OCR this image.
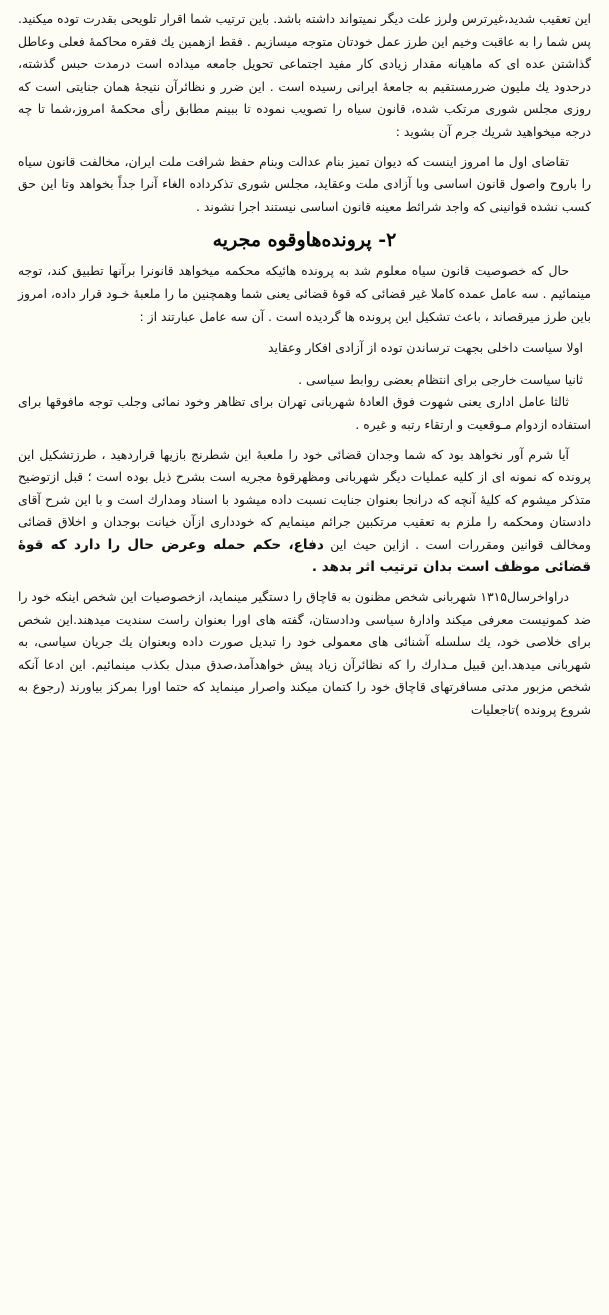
این تعقیب شدید،غیرترس ولرز علت دیگر نمیتواند داشته باشد. باین ترتیب شما اقرار تلویحی بقدرت توده میکنید. پس شما را به عاقبت وخیم این طرز عمل خودتان متوجه میسازیم . فقط ازهمین یك فقره محاکمهٔ فعلی وعاطل گذاشتن عده ای که ماهیانه مقدار زیادی کار مفید اجتماعی تحویل جامعه میداده است درمدت حبس گذشته، درحدود یك ملیون ضررمستقیم به جامعهٔ ایرانی رسیده است . این ضرر و نظائرآن نتیجهٔ همان جنایتی است که روزی مجلس شوری مرتکب شده، قانون سیاه را تصویب نموده تا ببینم مطابق رأی محکمهٔ امروز،شما تا چه درجه میخواهید شریك جرم آن بشوید :

تقاضای اول ما امروز اینست که دیوان تمیز بنام عدالت وبنام حفظ شرافت ملت ایران، مخالفت قانون سیاه را باروح واصول قانون اساسی وبا آزادی ملت وعقاید، مجلس شوری تذکرداده الغاء آنرا جداً بخواهد وتا این حق کسب نشده قوانینی که واجد شرائط معینه قانون اساسی نیستند اجرا نشوند .

۲- پرونده‌هاوقوه مجریه

حال که خصوصیت قانون سیاه معلوم شد به پرونده هائیکه محکمه میخواهد قانونرا برآنها تطبیق کند، توجه مینمائیم . سه عامل عمده کاملا غیر قضائی که قوهٔ قضائی یعنی شما وهمچنین ما را ملعبهٔ خـود قرار داده، امروز باین طرز میرقصاند ، باعث تشکیل این پرونده ها گردیده است . آن سه عامل عبارتند از :

اولا سیاست داخلی بجهت ترساندن توده از آزادی افکار وعقاید

ثانیا سیاست خارجی برای انتظام بعضی روابط سیاسی .

ثالثا عامل اداری یعنی شهوت فوق العادهٔ شهربانی تهران برای تظاهر وخود نمائی وجلب توجه مافوقها برای استفاده ازدوام مـوقعیت و ارتقاء رتبه و غیره .

آیا شرم آور نخواهد بود که شما وجدان قضائی خود را ملعبهٔ این شطرنج بازیها قراردهید ، طرزتشکیل این پرونده که نمونه ای از کلیه عملیات دیگر شهربانی ومظهرقوهٔ مجریه است بشرح ذیل بوده است ؛ قبل ازتوضیح متذکر میشوم که کلیهٔ آنچه که درانجا بعنوان جنایت نسبت داده میشود با اسناد ومدارك است و با این شرح آقای دادستان ومحکمه را ملزم به تعقیب مرتکبین جرائم مینمایم که خودداری ازآن خیانت بوجدان و اخلاق قضائی ومخالف قوانین ومقررات است . ازاین حیث این دفاع، حکم حمله وعرض حال را دارد که قوهٔ قضائی موظف است بدان ترتیب اثر بدهد .

دراواخرسال۱۳۱۵ شهربانی شخص مظنون به قاچاق را دستگیر مینماید، ازخصوصیات این شخص اینکه خود را ضد کمونیست معرفی میکند وادارهٔ سیاسی ودادستان، گفته های اورا بعنوان راست سندیت میدهند.این شخص برای خلاصی خود، یك سلسله آشنائی های معمولی خود را تبدیل صورت داده وبعنوان یك جریان سیاسی، به شهربانی میدهد.این قبیل مـدارك را که نظائرآن زیاد پیش خواهدآمد،صدق مبدل بکذب مینمائیم. این ادعا آنکه شخص مزبور مدتی مسافرتهای قاچاق خود را کتمان میکند واصرار مینماید که حتما اورا بمرکز بیاورند (رجوع به شروع پرونده )تاجعلیات
